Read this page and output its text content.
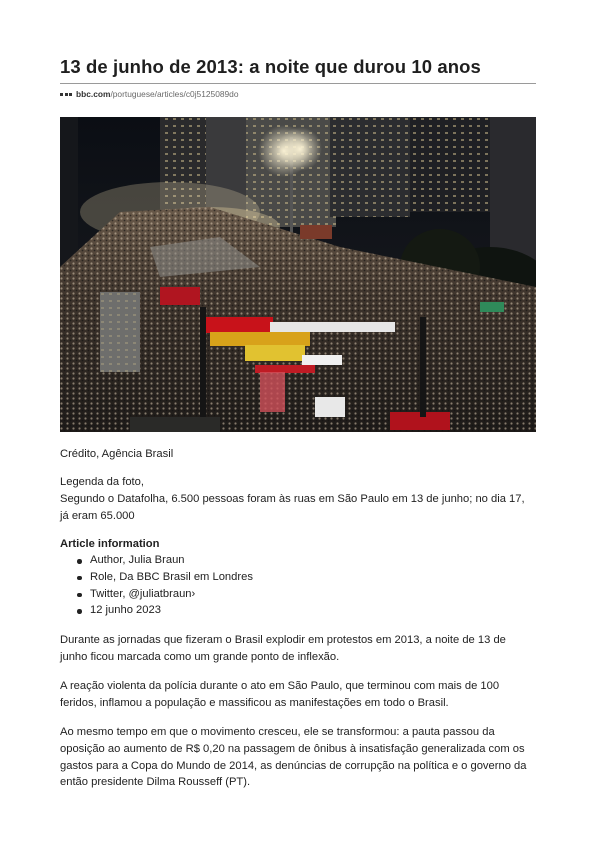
13 de junho de 2013: a noite que durou 10 anos
bbc.com /portuguese/articles/c0j5125089do

Crédito, Agência Brasil

Legenda da foto,

Segundo o Datafolha, 6.500 pessoas foram às ruas em São Paulo em 13 de junho; no dia 17, já eram 65.000

Article information

Author, Julia Braun
Role, Da BBC Brasil em Londres
Twitter, @juliatbraun›
12 junho 2023

Durante as jornadas que fizeram o Brasil explodir em protestos em 2013, a noite de 13 de junho ficou marcada como um grande ponto de inflexão.

A reação violenta da polícia durante o ato em São Paulo, que terminou com mais de 100 feridos, inflamou a população e massificou as manifestações em todo o Brasil.

Ao mesmo tempo em que o movimento cresceu, ele se transformou: a pauta passou da oposição ao aumento de R$ 0,20 na passagem de ônibus à insatisfação generalizada com os gastos para a Copa do Mundo de 2014, as denúncias de corrupção na política e o governo da então presidente Dilma Rousseff (PT).
